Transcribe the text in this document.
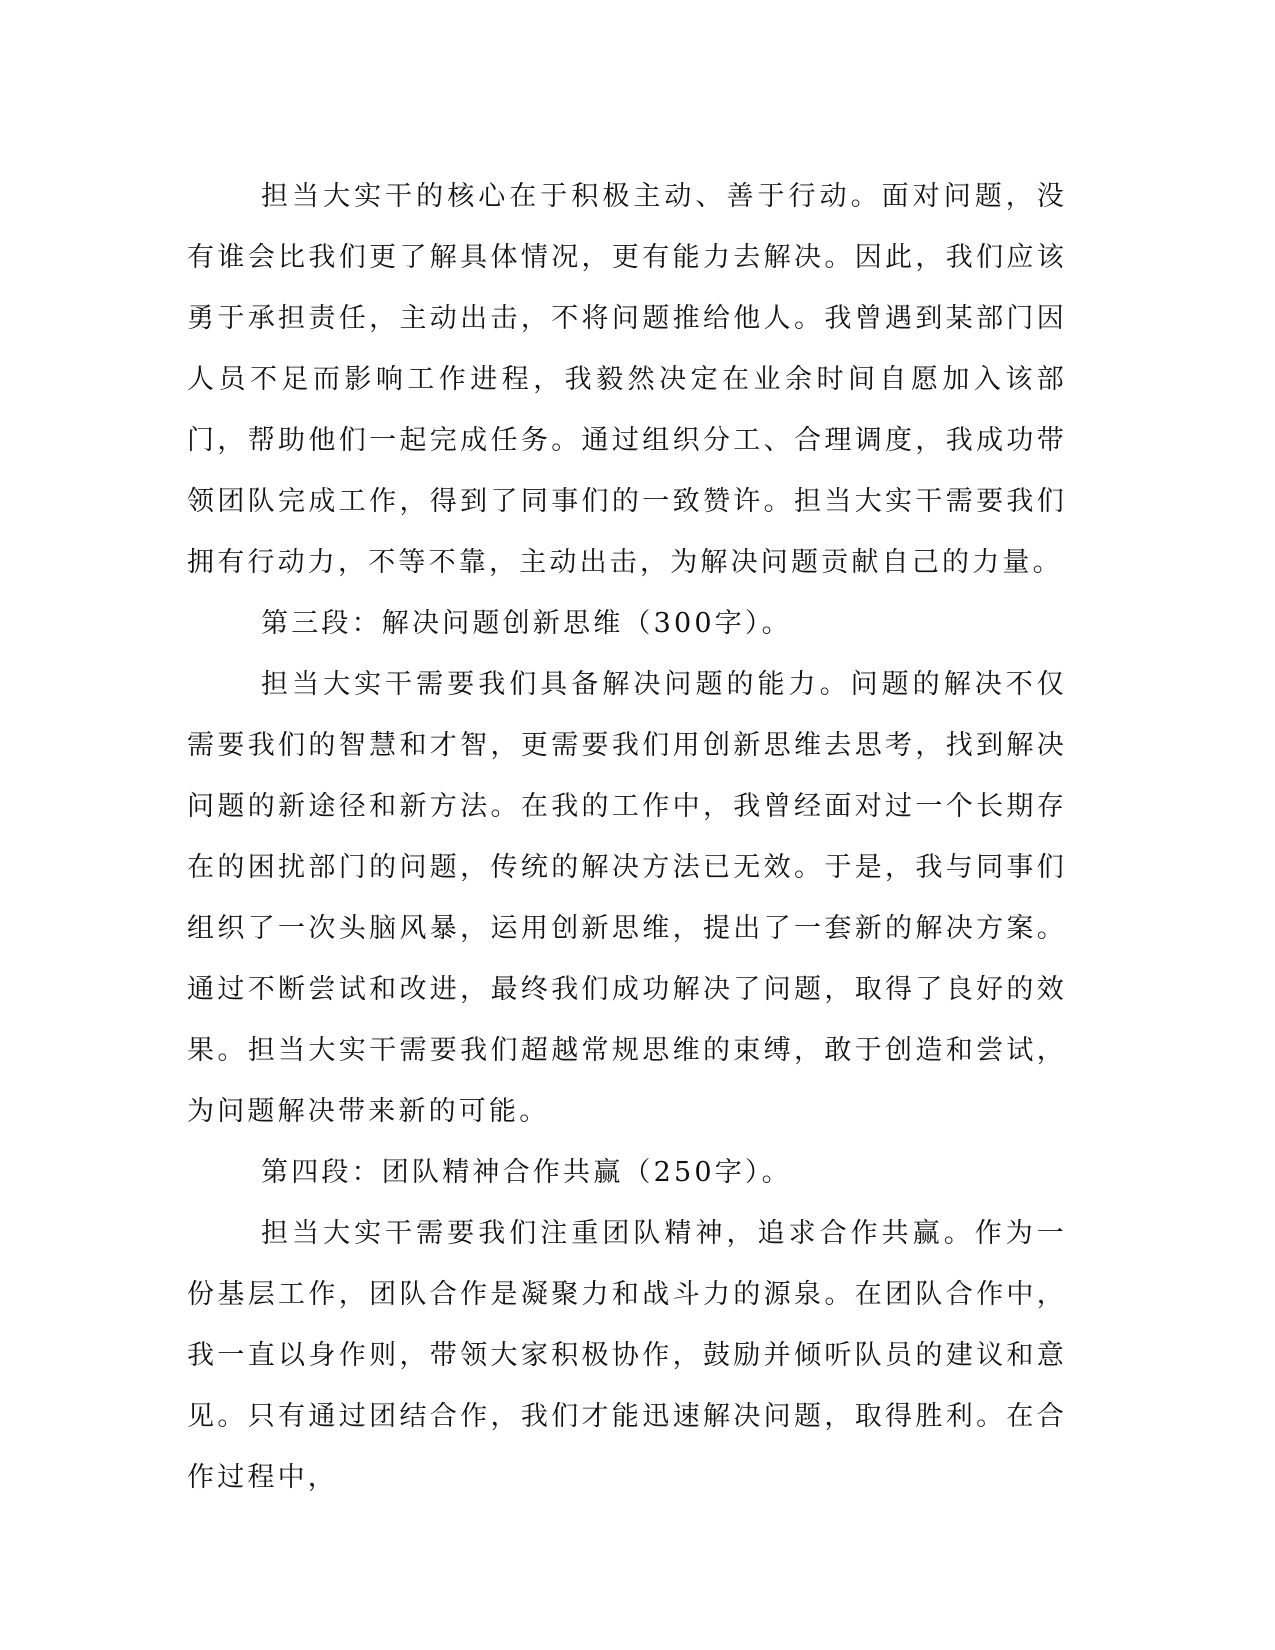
担当大实干的核心在于积极主动、善于行动。面对问题，没有谁会比我们更了解具体情况，更有能力去解决。因此，我们应该勇于承担责任，主动出击，不将问题推给他人。我曾遇到某部门因人员不足而影响工作进程，我毅然决定在业余时间自愿加入该部门，帮助他们一起完成任务。通过组织分工、合理调度，我成功带领团队完成工作，得到了同事们的一致赞许。担当大实干需要我们拥有行动力，不等不靠，主动出击，为解决问题贡献自己的力量。

第三段：解决问题创新思维（300字）。

担当大实干需要我们具备解决问题的能力。问题的解决不仅需要我们的智慧和才智，更需要我们用创新思维去思考，找到解决问题的新途径和新方法。在我的工作中，我曾经面对过一个长期存在的困扰部门的问题，传统的解决方法已无效。于是，我与同事们组织了一次头脑风暴，运用创新思维，提出了一套新的解决方案。通过不断尝试和改进，最终我们成功解决了问题，取得了良好的效果。担当大实干需要我们超越常规思维的束缚，敢于创造和尝试，为问题解决带来新的可能。

第四段：团队精神合作共赢（250字）。

担当大实干需要我们注重团队精神，追求合作共赢。作为一份基层工作，团队合作是凝聚力和战斗力的源泉。在团队合作中，我一直以身作则，带领大家积极协作，鼓励并倾听队员的建议和意见。只有通过团结合作，我们才能迅速解决问题，取得胜利。在合作过程中，
